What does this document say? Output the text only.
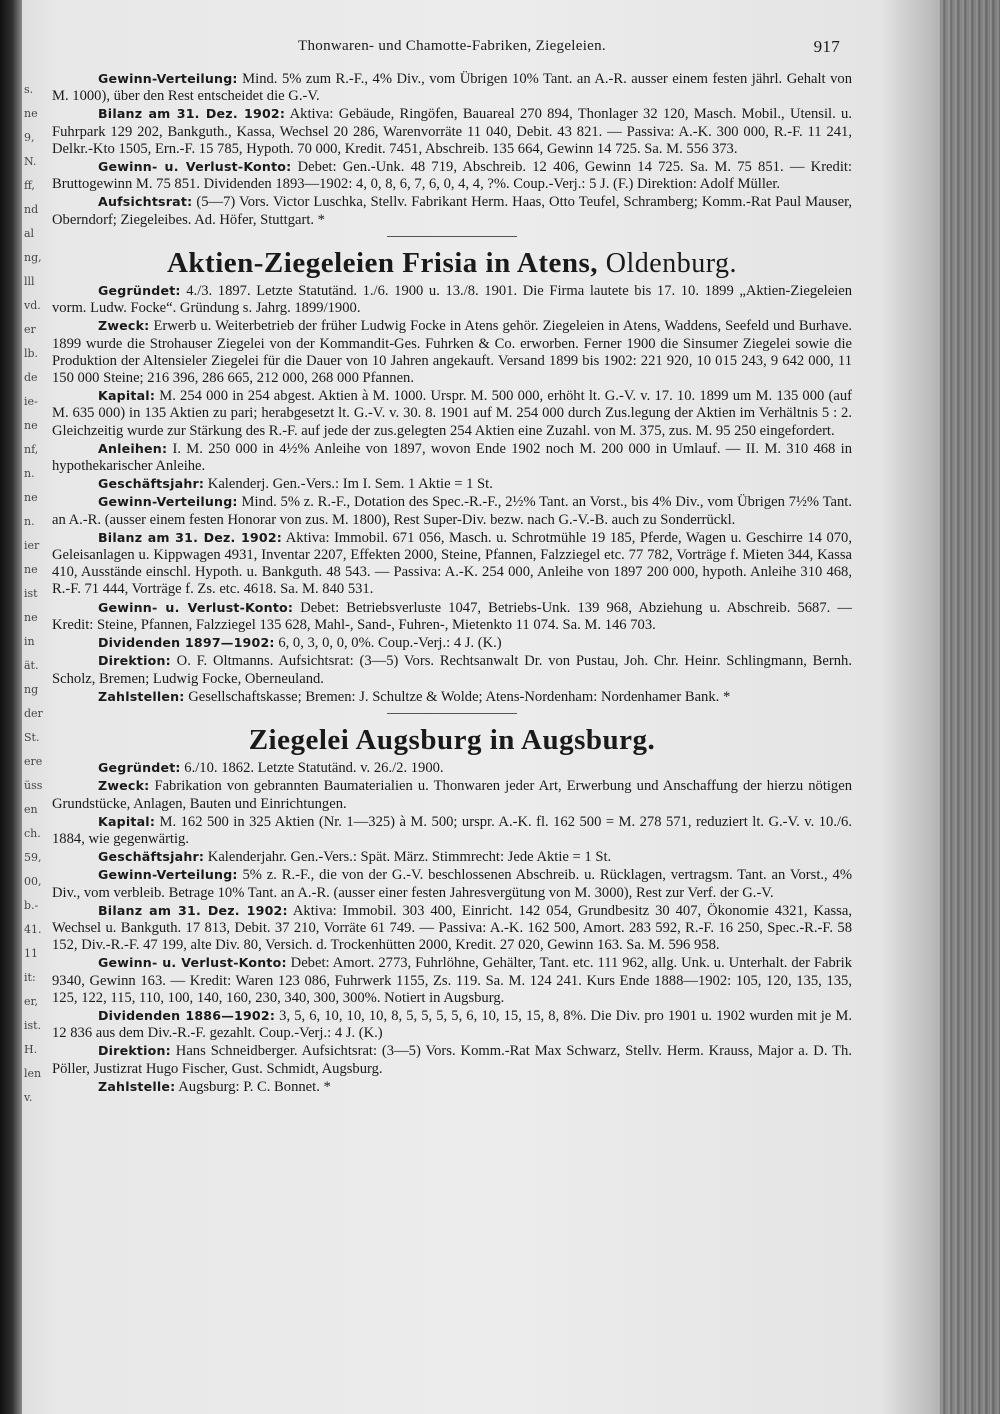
s.
ne
9,
N.
ff,
nd
al
ng,
lll
vd.
er
lb.
de
ie-
ne
nf,
n.
ne
n.
ier
ne
ist
ne
in
ät.
ng
der
St.
ere
üss
en
ch.
59,
00,
b.-
41.
11
it:
er,
ist.
H.
len
v.
Thonwaren- und Chamotte-Fabriken, Ziegeleien.	917

Gewinn-Verteilung: Mind. 5% zum R.-F., 4% Div., vom Übrigen 10% Tant. an A.-R. ausser einem festen jährl. Gehalt von M. 1000), über den Rest entscheidet die G.-V.

Bilanz am 31. Dez. 1902: Aktiva: Gebäude, Ringöfen, Bauareal 270 894, Thonlager 32 120, Masch. Mobil., Utensil. u. Fuhrpark 129 202, Bankguth., Kassa, Wechsel 20 286, Warenvorräte 11 040, Debit. 43 821. — Passiva: A.-K. 300 000, R.-F. 11 241, Delkr.-Kto 1505, Ern.-F. 15 785, Hypoth. 70 000, Kredit. 7451, Abschreib. 135 664, Gewinn 14 725. Sa. M. 556 373.

Gewinn- u. Verlust-Konto: Debet: Gen.-Unk. 48 719, Abschreib. 12 406, Gewinn 14 725. Sa. M. 75 851. — Kredit: Bruttogewinn M. 75 851. Dividenden 1893—1902: 4, 0, 8, 6, 7, 6, 0, 4, 4, ?%. Coup.-Verj.: 5 J. (F.) Direktion: Adolf Müller.

Aufsichtsrat: (5—7) Vors. Victor Luschka, Stellv. Fabrikant Herm. Haas, Otto Teufel, Schramberg; Komm.-Rat Paul Mauser, Oberndorf; Ziegeleibes. Ad. Höfer, Stuttgart. *

Aktien-Ziegeleien Frisia in Atens, Oldenburg.

Gegründet: 4./3. 1897. Letzte Statutänd. 1./6. 1900 u. 13./8. 1901. Die Firma lautete bis 17. 10. 1899 „Aktien-Ziegeleien vorm. Ludw. Focke“. Gründung s. Jahrg. 1899/1900.

Zweck: Erwerb u. Weiterbetrieb der früher Ludwig Focke in Atens gehör. Ziegeleien in Atens, Waddens, Seefeld und Burhave. 1899 wurde die Strohauser Ziegelei von der Kommandit-Ges. Fuhrken & Co. erworben. Ferner 1900 die Sinsumer Ziegelei sowie die Produktion der Altensieler Ziegelei für die Dauer von 10 Jahren angekauft. Versand 1899 bis 1902: 221 920, 10 015 243, 9 642 000, 11 150 000 Steine; 216 396, 286 665, 212 000, 268 000 Pfannen.

Kapital: M. 254 000 in 254 abgest. Aktien à M. 1000. Urspr. M. 500 000, erhöht lt. G.-V. v. 17. 10. 1899 um M. 135 000 (auf M. 635 000) in 135 Aktien zu pari; herabgesetzt lt. G.-V. v. 30. 8. 1901 auf M. 254 000 durch Zus.legung der Aktien im Verhältnis 5 : 2. Gleichzeitig wurde zur Stärkung des R.-F. auf jede der zus.gelegten 254 Aktien eine Zuzahl. von M. 375, zus. M. 95 250 eingefordert.

Anleihen: I. M. 250 000 in 4½% Anleihe von 1897, wovon Ende 1902 noch M. 200 000 in Umlauf. — II. M. 310 468 in hypothekarischer Anleihe.

Geschäftsjahr: Kalenderj. Gen.-Vers.: Im I. Sem. 1 Aktie = 1 St.

Gewinn-Verteilung: Mind. 5% z. R.-F., Dotation des Spec.-R.-F., 2½% Tant. an Vorst., bis 4% Div., vom Übrigen 7½% Tant. an A.-R. (ausser einem festen Honorar von zus. M. 1800), Rest Super-Div. bezw. nach G.-V.-B. auch zu Sonderrückl.

Bilanz am 31. Dez. 1902: Aktiva: Immobil. 671 056, Masch. u. Schrotmühle 19 185, Pferde, Wagen u. Geschirre 14 070, Geleisanlagen u. Kippwagen 4931, Inventar 2207, Effekten 2000, Steine, Pfannen, Falzziegel etc. 77 782, Vorträge f. Mieten 344, Kassa 410, Ausstände einschl. Hypoth. u. Bankguth. 48 543. — Passiva: A.-K. 254 000, Anleihe von 1897 200 000, hypoth. Anleihe 310 468, R.-F. 71 444, Vorträge f. Zs. etc. 4618. Sa. M. 840 531.

Gewinn- u. Verlust-Konto: Debet: Betriebsverluste 1047, Betriebs-Unk. 139 968, Abziehung u. Abschreib. 5687. — Kredit: Steine, Pfannen, Falzziegel 135 628, Mahl-, Sand-, Fuhren-, Mietenkto 11 074. Sa. M. 146 703.

Dividenden 1897—1902: 6, 0, 3, 0, 0, 0%. Coup.-Verj.: 4 J. (K.)

Direktion: O. F. Oltmanns. Aufsichtsrat: (3—5) Vors. Rechtsanwalt Dr. von Pustau, Joh. Chr. Heinr. Schlingmann, Bernh. Scholz, Bremen; Ludwig Focke, Oberneuland.

Zahlstellen: Gesellschaftskasse; Bremen: J. Schultze & Wolde; Atens-Nordenham: Nordenhamer Bank. *

Ziegelei Augsburg in Augsburg.

Gegründet: 6./10. 1862. Letzte Statutänd. v. 26./2. 1900.

Zweck: Fabrikation von gebrannten Baumaterialien u. Thonwaren jeder Art, Erwerbung und Anschaffung der hierzu nötigen Grundstücke, Anlagen, Bauten und Einrichtungen.

Kapital: M. 162 500 in 325 Aktien (Nr. 1—325) à M. 500; urspr. A.-K. fl. 162 500 = M. 278 571, reduziert lt. G.-V. v. 10./6. 1884, wie gegenwärtig.

Geschäftsjahr: Kalenderjahr. Gen.-Vers.: Spät. März. Stimmrecht: Jede Aktie = 1 St.

Gewinn-Verteilung: 5% z. R.-F., die von der G.-V. beschlossenen Abschreib. u. Rücklagen, vertragsm. Tant. an Vorst., 4% Div., vom verbleib. Betrage 10% Tant. an A.-R. (ausser einer festen Jahresvergütung von M. 3000), Rest zur Verf. der G.-V.

Bilanz am 31. Dez. 1902: Aktiva: Immobil. 303 400, Einricht. 142 054, Grundbesitz 30 407, Ökonomie 4321, Kassa, Wechsel u. Bankguth. 17 813, Debit. 37 210, Vorräte 61 749. — Passiva: A.-K. 162 500, Amort. 283 592, R.-F. 16 250, Spec.-R.-F. 58 152, Div.-R.-F. 47 199, alte Div. 80, Versich. d. Trockenhütten 2000, Kredit. 27 020, Gewinn 163. Sa. M. 596 958.

Gewinn- u. Verlust-Konto: Debet: Amort. 2773, Fuhrlöhne, Gehälter, Tant. etc. 111 962, allg. Unk. u. Unterhalt. der Fabrik 9340, Gewinn 163. — Kredit: Waren 123 086, Fuhrwerk 1155, Zs. 119. Sa. M. 124 241. Kurs Ende 1888—1902: 105, 120, 135, 135, 125, 122, 115, 110, 100, 140, 160, 230, 340, 300, 300%. Notiert in Augsburg.

Dividenden 1886—1902: 3, 5, 6, 10, 10, 10, 8, 5, 5, 5, 5, 6, 10, 15, 15, 8, 8%. Die Div. pro 1901 u. 1902 wurden mit je M. 12 836 aus dem Div.-R.-F. gezahlt. Coup.-Verj.: 4 J. (K.)

Direktion: Hans Schneidberger. Aufsichtsrat: (3—5) Vors. Komm.-Rat Max Schwarz, Stellv. Herm. Krauss, Major a. D. Th. Pöller, Justizrat Hugo Fischer, Gust. Schmidt, Augsburg.

Zahlstelle: Augsburg: P. C. Bonnet. *
